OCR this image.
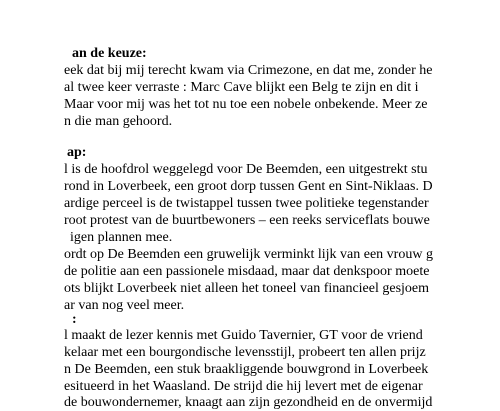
an de keuze:
eek dat bij mij terecht kwam via Crimezone, en dat me, zonder he
al twee keer verraste : Marc Cave blijkt een Belg te zijn en dit i
Maar voor mij was het tot nu toe een nobele onbekende. Meer ze
n die man gehoord.
ap:
l is de hoofdrol weggelegd voor De Beemden, een uitgestrekt stu
rond in Loverbeek, een groot dorp tussen Gent en Sint-Niklaas. D
ardige perceel is de twistappel tussen twee politieke tegenstander
root protest van de buurtbewoners – een reeks serviceflats bouwe
igen plannen mee.
ordt op De Beemden een gruwelijk verminkt lijk van een vrouw g
de politie aan een passionele misdaad, maar dat denkspoor moete
ots blijkt Loverbeek niet alleen het toneel van financieel gesjoem
ar van nog veel meer.
:
l maakt de lezer kennis met Guido Tavernier, GT voor de vriend
kelaar met een bourgondische levensstijl, probeert ten allen prijz
n De Beemden, een stuk braakliggende bouwgrond in Loverbeek
esitueerd in het Waasland. De strijd die hij levert met de eigenar
de bouwondernemer, knaagt aan zijn gezondheid en de onvermijd
